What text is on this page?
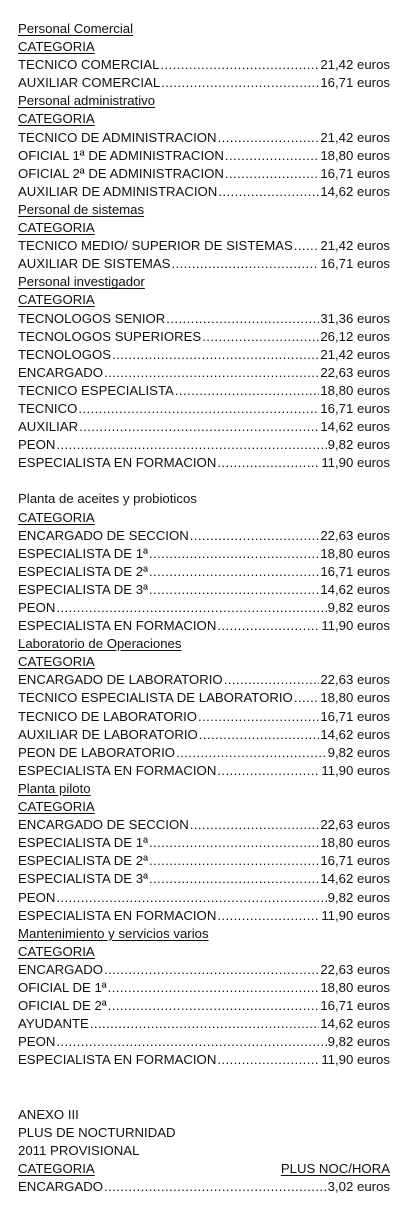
Personal Comercial
CATEGORIA
TECNICO COMERCIAL .....	21,42 euros
AUXILIAR COMERCIAL .....	16,71 euros
Personal administrativo
CATEGORIA
TECNICO DE ADMINISTRACION .....	21,42 euros
OFICIAL 1ª DE ADMINISTRACION .....	18,80 euros
OFICIAL 2ª DE ADMINISTRACION .....	16,71 euros
AUXILIAR DE ADMINISTRACION .....	14,62 euros
Personal de sistemas
CATEGORIA
TECNICO MEDIO/ SUPERIOR DE SISTEMAS ..... 21,42 euros
AUXILIAR DE SISTEMAS .....	16,71 euros
Personal investigador
CATEGORIA
TECNOLOGOS SENIOR .....	31,36 euros
TECNOLOGOS SUPERIORES .....	26,12 euros
TECNOLOGOS .....	21,42 euros
ENCARGADO .....	22,63 euros
TECNICO ESPECIALISTA .....	18,80 euros
TECNICO .....	16,71 euros
AUXILIAR .....	14,62 euros
PEON .....	9,82 euros
ESPECIALISTA EN FORMACION .....	11,90 euros
Planta de aceites y probioticos
CATEGORIA
ENCARGADO DE SECCION .....	22,63 euros
ESPECIALISTA DE 1ª .....	18,80 euros
ESPECIALISTA DE 2ª .....	16,71 euros
ESPECIALISTA DE 3ª .....	14,62 euros
PEON .....	9,82 euros
ESPECIALISTA EN FORMACION .....	11,90 euros
Laboratorio de Operaciones
CATEGORIA
ENCARGADO DE LABORATORIO .....	22,63 euros
TECNICO ESPECIALISTA DE LABORATORIO ..... 18,80 euros
TECNICO DE LABORATORIO .....	16,71 euros
AUXILIAR DE LABORATORIO .....	14,62 euros
PEON DE LABORATORIO .....	9,82 euros
ESPECIALISTA EN FORMACION .....	11,90 euros
Planta piloto
CATEGORIA
ENCARGADO DE SECCION .....	22,63 euros
ESPECIALISTA DE 1ª .....	18,80 euros
ESPECIALISTA DE 2ª .....	16,71 euros
ESPECIALISTA DE 3ª .....	14,62 euros
PEON .....	9,82 euros
ESPECIALISTA EN FORMACION .....	11,90 euros
Mantenimiento y servicios varios
CATEGORIA
ENCARGADO .....	22,63 euros
OFICIAL DE 1ª .....	18,80 euros
OFICIAL DE 2ª .....	16,71 euros
AYUDANTE .....	14,62 euros
PEON .....	9,82 euros
ESPECIALISTA EN FORMACION .....	11,90 euros
ANEXO III
PLUS DE NOCTURNIDAD
2011 PROVISIONAL
CATEGORIA	PLUS NOC/HORA
ENCARGADO .....	3,02 euros
